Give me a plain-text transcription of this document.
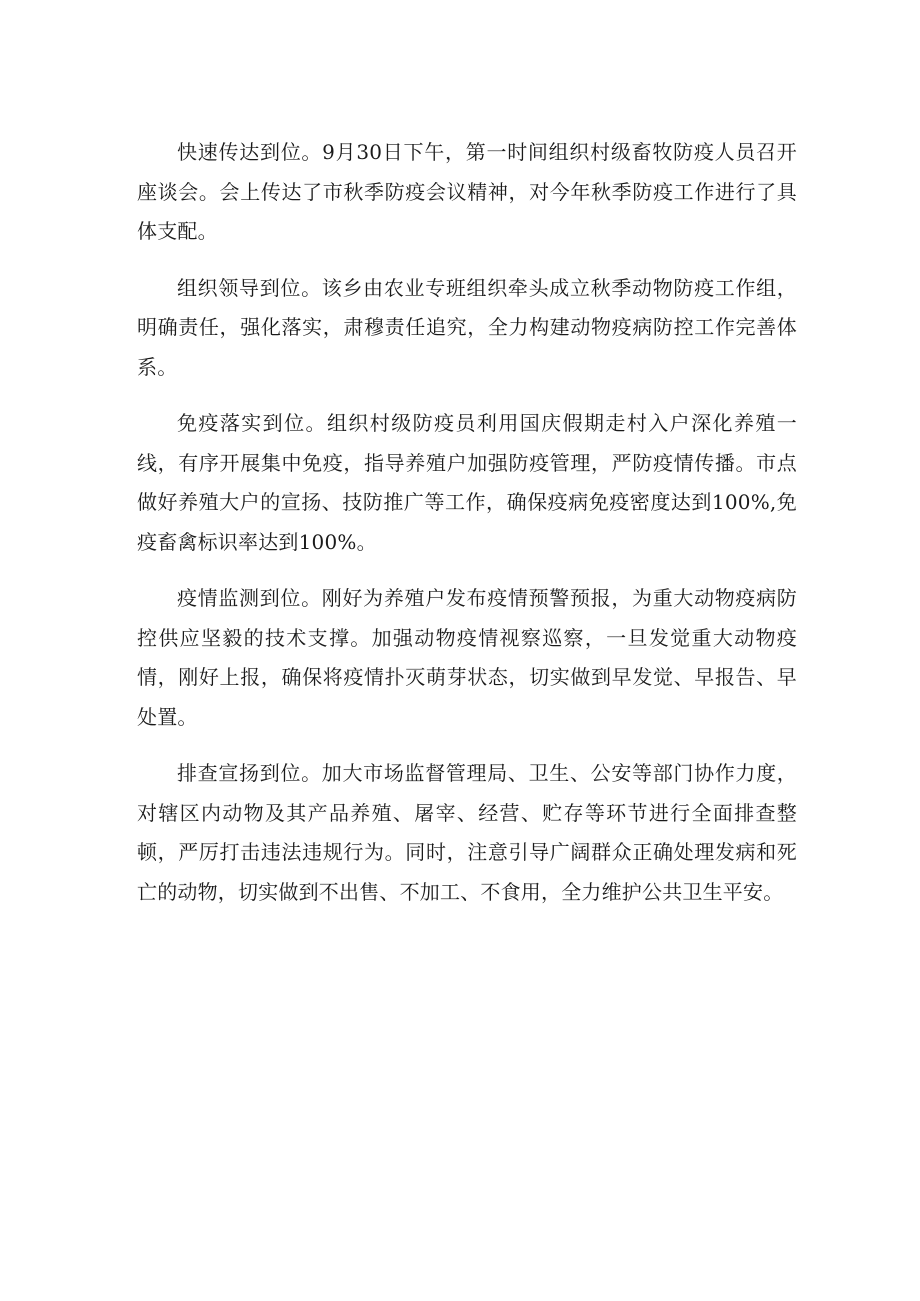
快速传达到位。9月30日下午，第一时间组织村级畜牧防疫人员召开座谈会。会上传达了市秋季防疫会议精神，对今年秋季防疫工作进行了具体支配。

组织领导到位。该乡由农业专班组织牵头成立秋季动物防疫工作组，明确责任，强化落实，肃穆责任追究，全力构建动物疫病防控工作完善体系。

免疫落实到位。组织村级防疫员利用国庆假期走村入户深化养殖一线，有序开展集中免疫，指导养殖户加强防疫管理，严防疫情传播。市点做好养殖大户的宣扬、技防推广等工作，确保疫病免疫密度达到100%,免疫畜禽标识率达到100%。

疫情监测到位。刚好为养殖户发布疫情预警预报，为重大动物疫病防控供应坚毅的技术支撑。加强动物疫情视察巡察，一旦发觉重大动物疫情，刚好上报，确保将疫情扑灭萌芽状态，切实做到早发觉、早报告、早处置。

排查宣扬到位。加大市场监督管理局、卫生、公安等部门协作力度，对辖区内动物及其产品养殖、屠宰、经营、贮存等环节进行全面排查整顿，严厉打击违法违规行为。同时，注意引导广阔群众正确处理发病和死亡的动物，切实做到不出售、不加工、不食用，全力维护公共卫生平安。
